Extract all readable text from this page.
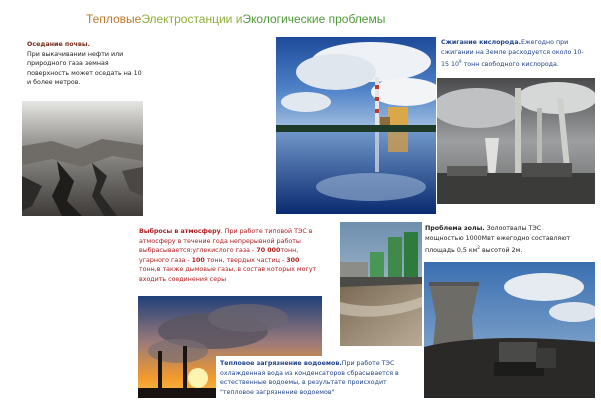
ТепловыеЭлектростанции иЭкологические проблемы
Оседание почвы.
При выкачивании нефти или природного газа земная поверхность может оседать на 10 и более метров.
Сжигание кислорода.Ежегодно при сжигании на Земле расходуется около 10-15 $10^9$ тонн свободного кислорода.
Выбросы в атмосферу. При работе типовой ТЭС в атмосферу в течение года непрерывной работы выбрасывается:углекислого газа - 70 000тонн, угарного газа - 100 тонн, твердых частиц - 300 тонн,в также дымовые газы, в состав которых могут входить соединения серы
Проблема золы. Золоотвалы ТЭС мощностью 1000Мвт ежегодно составляют площадь 0,5 $км^2$ высотой 2м.
Тепловое загрязнение водоемов.При работе ТЭС охлажденная вода из конденсаторов сбрасывается в естественные водоемы, в результате происходит "тепловое загрязнение водоемов"
